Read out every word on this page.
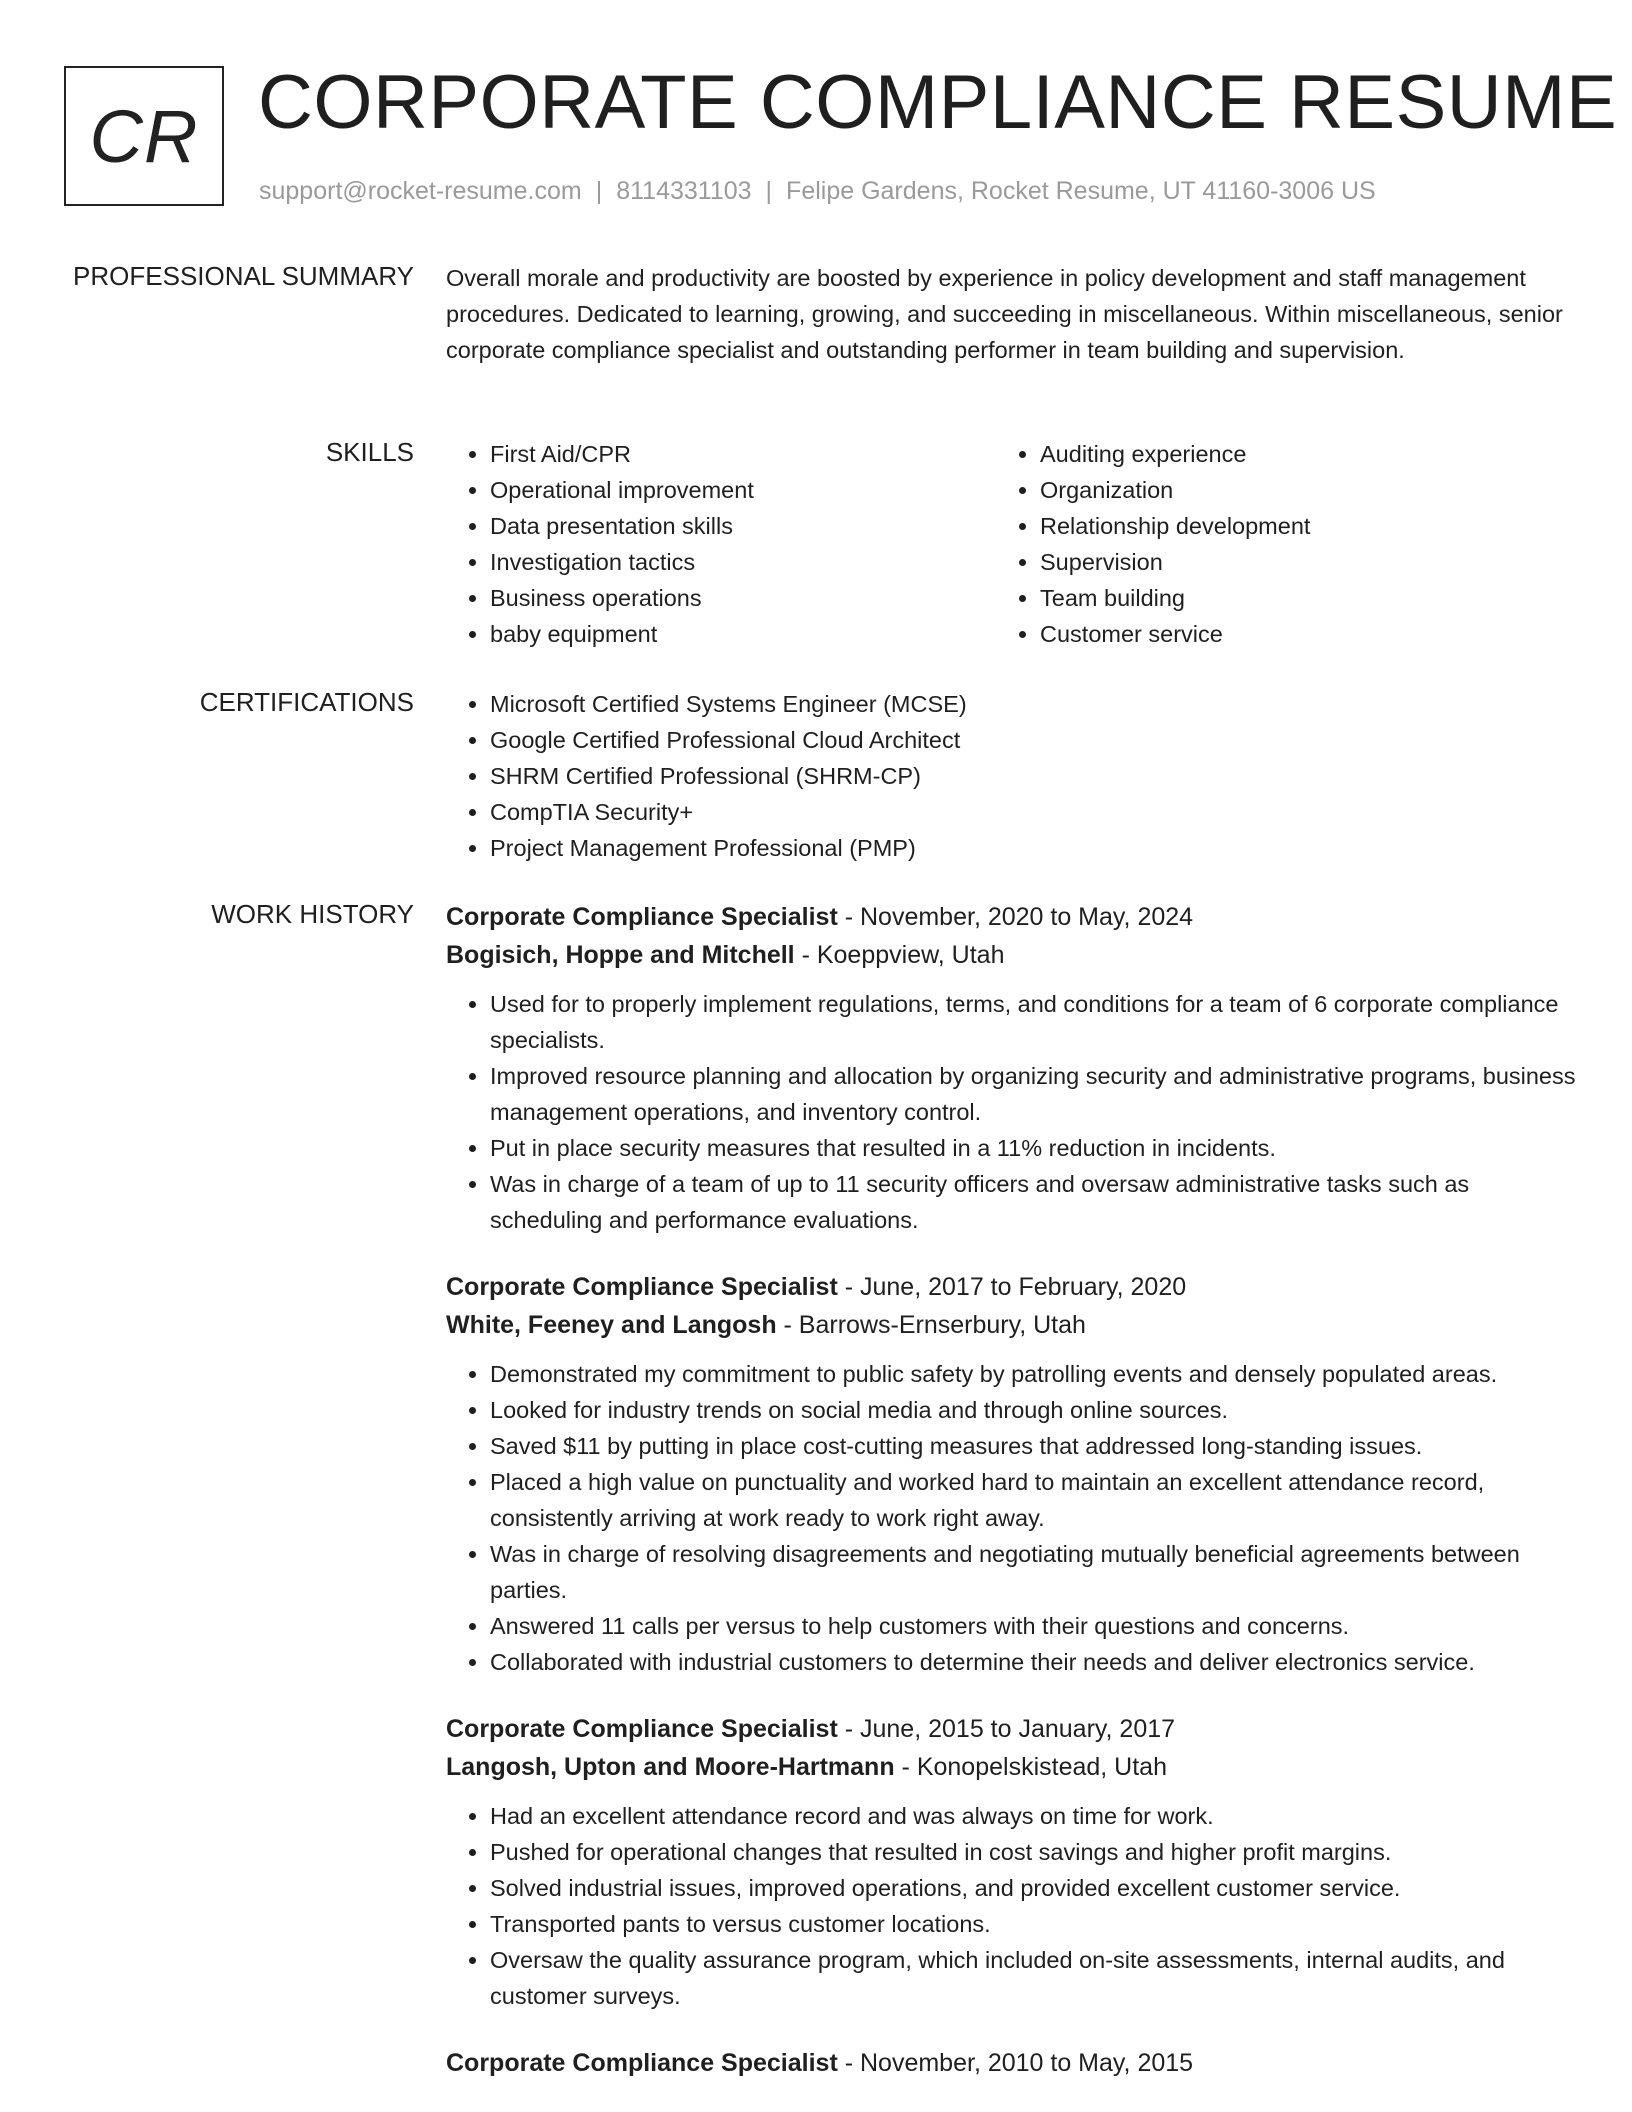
CR CORPORATE COMPLIANCE RESUME
support@rocket-resume.com | 8114331103 | Felipe Gardens, Rocket Resume, UT 41160-3006 US
PROFESSIONAL SUMMARY Overall morale and productivity are boosted by experience in policy development and staff management procedures. Dedicated to learning, growing, and succeeding in miscellaneous. Within miscellaneous, senior corporate compliance specialist and outstanding performer in team building and supervision.

SKILLS	• First Aid/CPR
• Operational improvement
• Data presentation skills
• Investigation tactics
• Business operations
• baby equipment
• Auditing experience
• Organization
• Relationship development
• Supervision
• Team building
• Customer service
CERTIFICATIONS	• Microsoft Certified Systems Engineer (MCSE)
• Google Certified Professional Cloud Architect
• SHRM Certified Professional (SHRM-CP)
• CompTIA Security+
• Project Management Professional (PMP)
WORK HISTORY Corporate Compliance Specialist - November, 2020 to May, 2024
Bogisich, Hoppe and Mitchell - Koeppview, Utah
• Used for to properly implement regulations, terms, and conditions for a team of 6 corporate compliance specialists.
• Improved resource planning and allocation by organizing security and administrative programs, business management operations, and inventory control.
• Put in place security measures that resulted in a 11% reduction in incidents.
• Was in charge of a team of up to 11 security officers and oversaw administrative tasks such as scheduling and performance evaluations.
Corporate Compliance Specialist - June, 2017 to February, 2020
White, Feeney and Langosh - Barrows-Ernserbury, Utah
• Demonstrated my commitment to public safety by patrolling events and densely populated areas.
• Looked for industry trends on social media and through online sources.
• Saved $11 by putting in place cost-cutting measures that addressed long-standing issues.
• Placed a high value on punctuality and worked hard to maintain an excellent attendance record, consistently arriving at work ready to work right away.
• Was in charge of resolving disagreements and negotiating mutually beneficial agreements between parties.
• Answered 11 calls per versus to help customers with their questions and concerns.
• Collaborated with industrial customers to determine their needs and deliver electronics service.
Corporate Compliance Specialist - June, 2015 to January, 2017
Langosh, Upton and Moore-Hartmann - Konopelskistead, Utah
• Had an excellent attendance record and was always on time for work.
• Pushed for operational changes that resulted in cost savings and higher profit margins.
• Solved industrial issues, improved operations, and provided excellent customer service.
• Transported pants to versus customer locations.
• Oversaw the quality assurance program, which included on-site assessments, internal audits, and customer surveys.
Corporate Compliance Specialist - November, 2010 to May, 2015
